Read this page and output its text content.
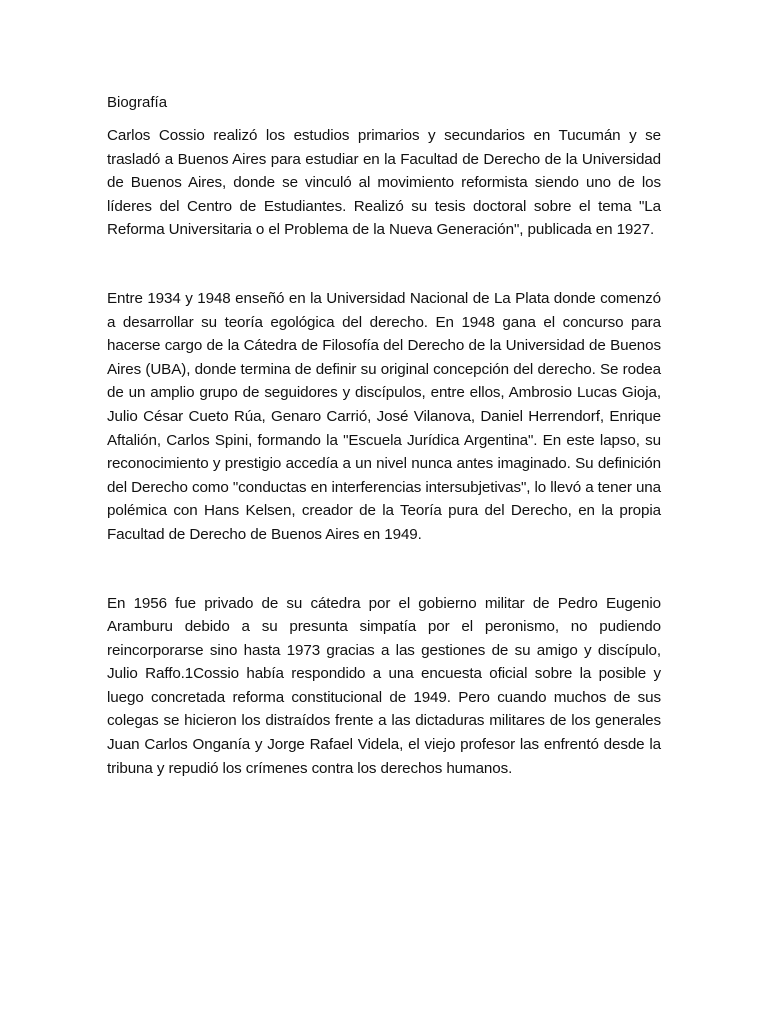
Biografía

Carlos Cossio realizó los estudios primarios y secundarios en Tucumán y se trasladó a Buenos Aires para estudiar en la Facultad de Derecho de la Universidad de Buenos Aires, donde se vinculó al movimiento reformista siendo uno de los líderes del Centro de Estudiantes. Realizó su tesis doctoral sobre el tema "La Reforma Universitaria o el Problema de la Nueva Generación", publicada en 1927.

Entre 1934 y 1948 enseñó en la Universidad Nacional de La Plata donde comenzó a desarrollar su teoría egológica del derecho. En 1948 gana el concurso para hacerse cargo de la Cátedra de Filosofía del Derecho de la Universidad de Buenos Aires (UBA), donde termina de definir su original concepción del derecho. Se rodea de un amplio grupo de seguidores y discípulos, entre ellos, Ambrosio Lucas Gioja, Julio César Cueto Rúa, Genaro Carrió, José Vilanova, Daniel Herrendorf, Enrique Aftalión, Carlos Spini, formando la "Escuela Jurídica Argentina". En este lapso, su reconocimiento y prestigio accedía a un nivel nunca antes imaginado. Su definición del Derecho como "conductas en interferencias intersubjetivas", lo llevó a tener una polémica con Hans Kelsen, creador de la Teoría pura del Derecho, en la propia Facultad de Derecho de Buenos Aires en 1949.

En 1956 fue privado de su cátedra por el gobierno militar de Pedro Eugenio Aramburu debido a su presunta simpatía por el peronismo, no pudiendo reincorporarse sino hasta 1973 gracias a las gestiones de su amigo y discípulo, Julio Raffo.1Cossio había respondido a una encuesta oficial sobre la posible y luego concretada reforma constitucional de 1949. Pero cuando muchos de sus colegas se hicieron los distraídos frente a las dictaduras militares de los generales Juan Carlos Onganía y Jorge Rafael Videla, el viejo profesor las enfrentó desde la tribuna y repudió los crímenes contra los derechos humanos.
